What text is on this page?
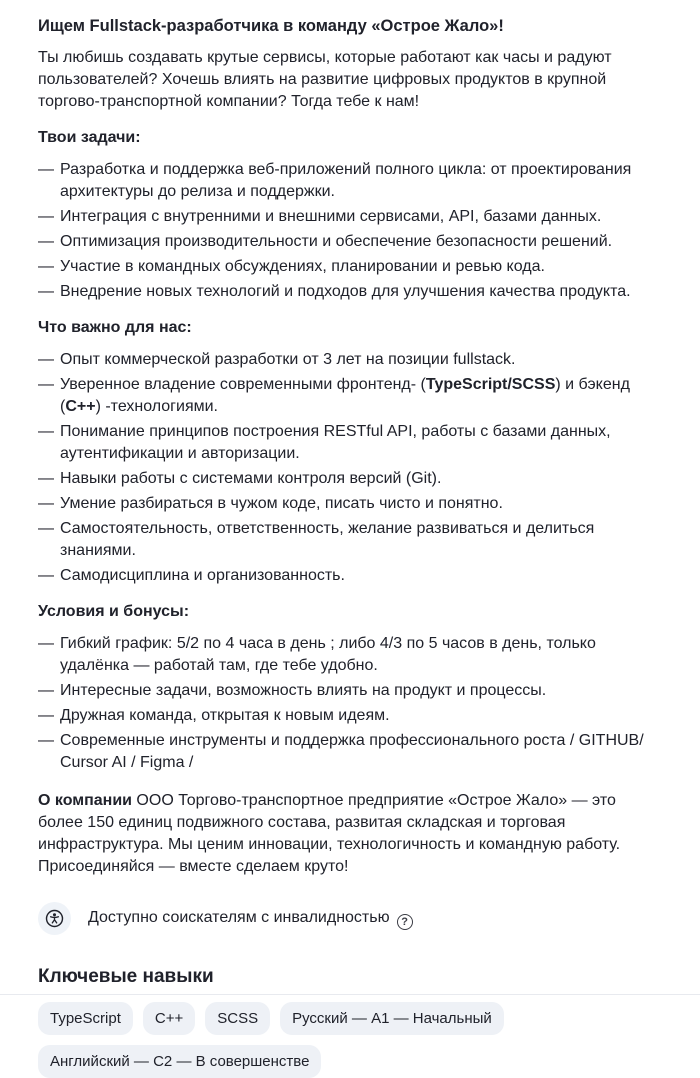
Ищем Fullstack-разработчика в команду «Острое Жало»!

Ты любишь создавать крутые сервисы, которые работают как часы и радуют пользователей? Хочешь влиять на развитие цифровых продуктов в крупной торгово-транспортной компании? Тогда тебе к нам!

Твои задачи:
— Разработка и поддержка веб-приложений полного цикла: от проектирования архитектуры до релиза и поддержки.
— Интеграция с внутренними и внешними сервисами, API, базами данных.
— Оптимизация производительности и обеспечение безопасности решений.
— Участие в командных обсуждениях, планировании и ревью кода.
— Внедрение новых технологий и подходов для улучшения качества продукта.
Что важно для нас:
— Опыт коммерческой разработки от 3 лет на позиции fullstack.
— Уверенное владение современными фронтенд- (TypeScript/SCSS) и бэкенд (C++) -технологиями.
— Понимание принципов построения RESTful API, работы с базами данных, аутентификации и авторизации.
— Навыки работы с системами контроля версий (Git).
— Умение разбираться в чужом коде, писать чисто и понятно.
— Самостоятельность, ответственность, желание развиваться и делиться знаниями.
— Самодисциплина и организованность.
Условия и бонусы:
— Гибкий график: 5/2 по 4 часа в день ; либо 4/3 по 5 часов в день, только удалёнка — работай там, где тебе удобно.
— Интересные задачи, возможность влиять на продукт и процессы.
— Дружная команда, открытая к новым идеям.
— Современные инструменты и поддержка профессионального роста / GITHUB/ Cursor AI / Figma /

О компании ООО Торгово-транспортное предприятие «Острое Жало» — это более 150 единиц подвижного состава, развитая складская и торговая инфраструктура. Мы ценим инновации, технологичность и командную работу. Присоединяйся — вместе сделаем круто!

Доступно соискателям с инвалидностью ?
Ключевые навыки
TypeScript	C++	SCSS	Русский — A1 — Начальный
Английский — C2 — В совершенстве
